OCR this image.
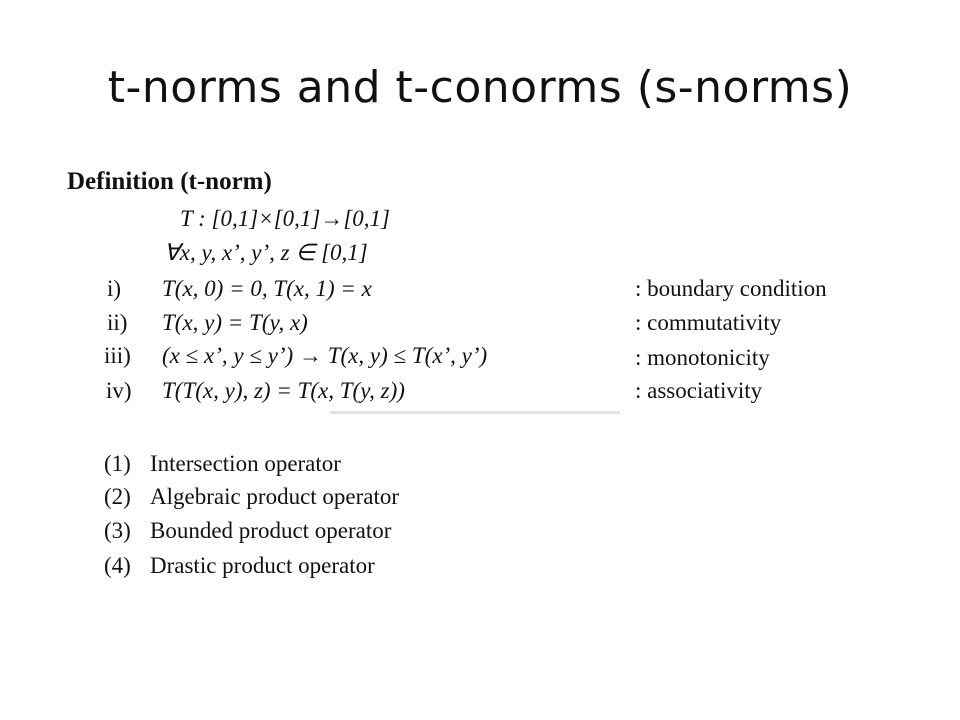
t-norms and t-conorms (s-norms)
Definition (t-norm)
T : [0,1]×[0,1]→[0,1]
∀x, y, x’, y’, z ∈ [0,1]
i) T(x, 0) = 0, T(x, 1) = x	: boundary condition
ii) T(x, y) = T(y, x)	: commutativity
iii) (x ≤ x’, y ≤ y’) → T(x, y) ≤ T(x’, y’)	: monotonicity
iv) T(T(x, y), z) = T(x, T(y, z))	: associativity
(1) Intersection operator
(2) Algebraic product operator
(3) Bounded product operator
(4) Drastic product operator
